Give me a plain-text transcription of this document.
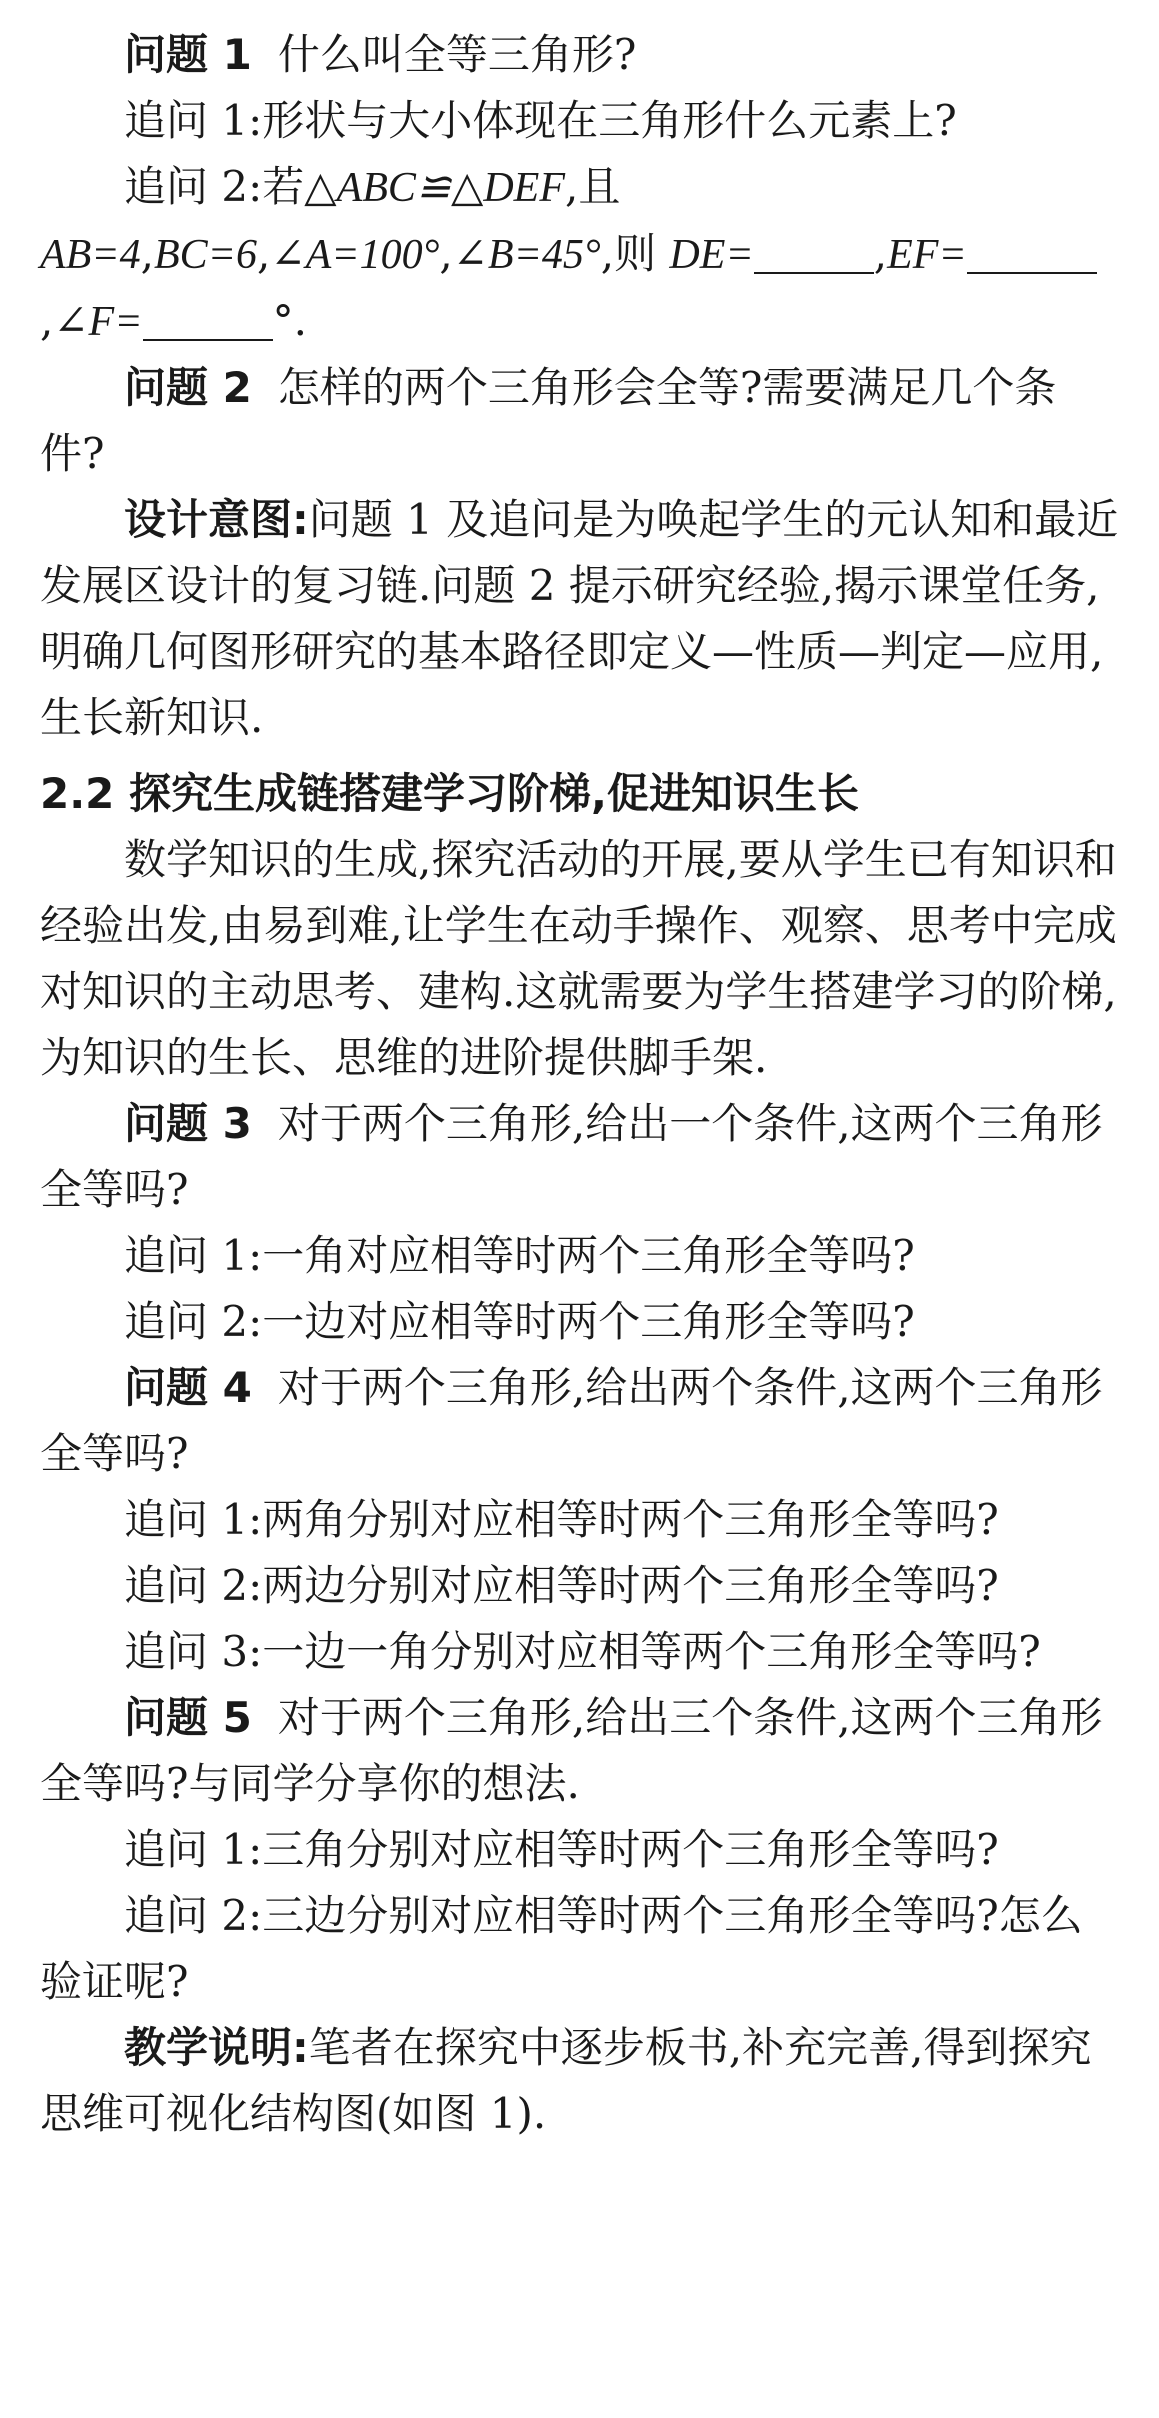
问题 1 什么叫全等三角形?

追问 1:形状与大小体现在三角形什么元素上?

追问 2:若△ABC≌△DEF,且 AB=4,BC=6,∠A=100°,∠B=45°,则 DE=	,EF=,∠F=	°.

问题 2 怎样的两个三角形会全等?需要满足几个条件?

设计意图:问题 1 及追问是为唤起学生的元认知和最近发展区设计的复习链.问题 2 提示研究经验,揭示课堂任务,明确几何图形研究的基本路径即定义—性质—判定—应用,生长新知识.

2.2 探究生成链搭建学习阶梯,促进知识生长

数学知识的生成,探究活动的开展,要从学生已有知识和经验出发,由易到难,让学生在动手操作、观察、思考中完成对知识的主动思考、建构.这就需要为学生搭建学习的阶梯,为知识的生长、思维的进阶提供脚手架.

问题 3 对于两个三角形,给出一个条件,这两个三角形全等吗?

追问 1:一角对应相等时两个三角形全等吗?

追问 2:一边对应相等时两个三角形全等吗?

问题 4 对于两个三角形,给出两个条件,这两个三角形全等吗?

追问 1:两角分别对应相等时两个三角形全等吗?

追问 2:两边分别对应相等时两个三角形全等吗?

追问 3:一边一角分别对应相等两个三角形全等吗?

问题 5 对于两个三角形,给出三个条件,这两个三角形全等吗?与同学分享你的想法.

追问 1:三角分别对应相等时两个三角形全等吗?

追问 2:三边分别对应相等时两个三角形全等吗?怎么验证呢?

教学说明:笔者在探究中逐步板书,补充完善,得到探究思维可视化结构图(如图 1).
